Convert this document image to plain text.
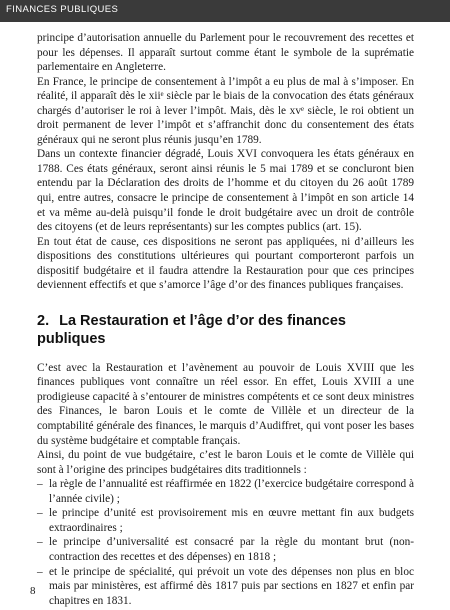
FINANCES PUBLIQUES

principe d’autorisation annuelle du Parlement pour le recouvrement des recettes et pour les dépenses. Il apparaît surtout comme étant le symbole de la suprématie parlementaire en Angleterre.

En France, le principe de consentement à l’impôt a eu plus de mal à s’imposer. En réalité, il apparaît dès le xiiᵉ siècle par le biais de la convocation des états généraux chargés d’autoriser le roi à lever l’impôt. Mais, dès le xvᵉ siècle, le roi obtient un droit permanent de lever l’impôt et s’affranchit donc du consentement des états généraux qui ne seront plus réunis jusqu’en 1789.

Dans un contexte financier dégradé, Louis XVI convoquera les états généraux en 1788. Ces états généraux, seront ainsi réunis le 5 mai 1789 et se concluront bien entendu par la Déclaration des droits de l’homme et du citoyen du 26 août 1789 qui, entre autres, consacre le principe de consentement à l’impôt en son article 14 et va même au-delà puisqu’il fonde le droit budgétaire avec un droit de contrôle des citoyens (et de leurs représentants) sur les comptes publics (art. 15).

En tout état de cause, ces dispositions ne seront pas appliquées, ni d’ailleurs les dispositions des constitutions ultérieures qui pourtant comporteront parfois un dispositif budgétaire et il faudra attendre la Restauration pour que ces principes deviennent effectifs et que s’amorce l’âge d’or des finances publiques françaises.

2. La Restauration et l’âge d’or des finances publiques

C’est avec la Restauration et l’avènement au pouvoir de Louis XVIII que les finances publiques vont connaître un réel essor. En effet, Louis XVIII a une prodigieuse capacité à s’entourer de ministres compétents et ce sont deux ministres des Finances, le baron Louis et le comte de Villèle et un directeur de la comptabilité générale des finances, le marquis d’Audiffret, qui vont poser les bases du système budgétaire et comptable français.

Ainsi, du point de vue budgétaire, c’est le baron Louis et le comte de Villèle qui sont à l’origine des principes budgétaires dits traditionnels :

– la règle de l’annualité est réaffirmée en 1822 (l’exercice budgétaire correspond à l’année civile) ;
– le principe d’unité est provisoirement mis en œuvre mettant fin aux budgets extraordinaires ;
– le principe d’universalité est consacré par la règle du montant brut (non-contraction des recettes et des dépenses) en 1818 ;
– et le principe de spécialité, qui prévoit un vote des dépenses non plus en bloc mais par ministères, est affirmé dès 1817 puis par sections en 1827 et enfin par chapitres en 1831.
8
